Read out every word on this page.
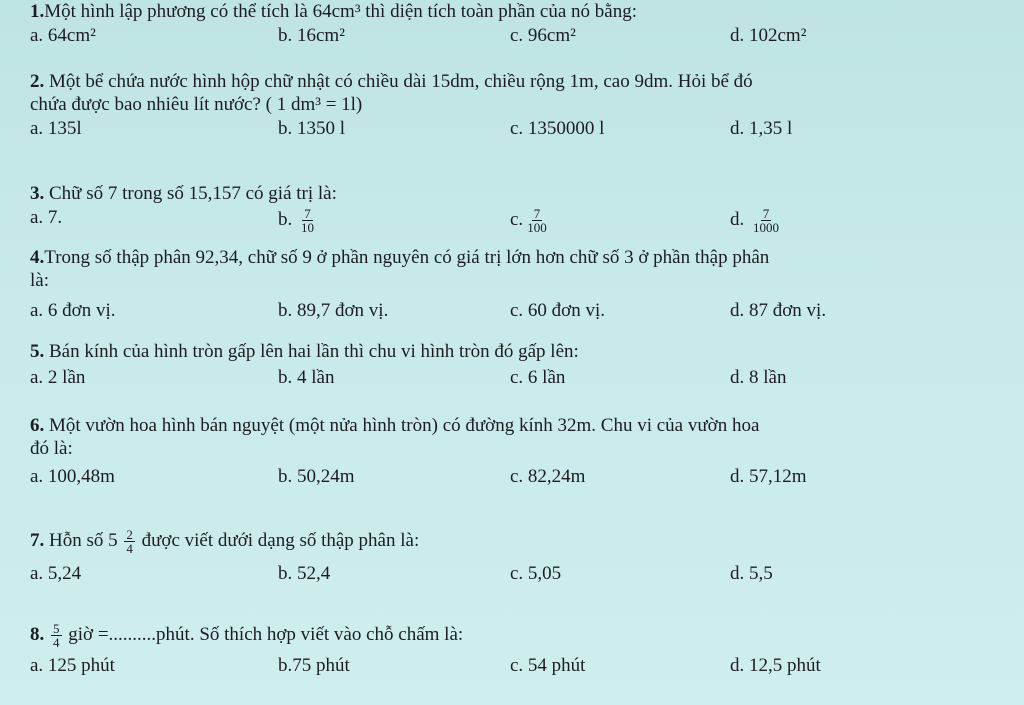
1.Một hình lập phương có thể tích là 64cm³ thì diện tích toàn phần của nó bằng:
a. 64cm²	b. 16cm²	c. 96cm²	d. 102cm²
2. Một bể chứa nước hình hộp chữ nhật có chiều dài 15dm, chiều rộng 1m, cao 9dm. Hỏi bể đó
chứa được bao nhiêu lít nước? ( 1 dm³ = 1l)
a. 135l	b. 1350 l	c. 1350000 l	d. 1,35 l
3. Chữ số 7 trong số 15,157 có giá trị là:
a. 7.	b. $\frac{7}{10}$	c. $\frac{7}{100}$	d. $\frac{7}{1000}$
4.Trong số thập phân 92,34, chữ số 9 ở phần nguyên có giá trị lớn hơn chữ số 3 ở phần thập phân
là:
a. 6 đơn vị.	b. 89,7 đơn vị.	c. 60 đơn vị.	d. 87 đơn vị.
5. Bán kính của hình tròn gấp lên hai lần thì chu vi hình tròn đó gấp lên:
a. 2 lần	b. 4 lần	c. 6 lần	d. 8 lần
6. Một vườn hoa hình bán nguyệt (một nửa hình tròn) có đường kính 32m. Chu vi của vườn hoa
đó là:
a. 100,48m	b. 50,24m	c. 82,24m	d. 57,12m
7. Hỗn số $5 \frac{2}{4}$ được viết dưới dạng số thập phân là:
a. 5,24	b. 52,4	c. 5,05	d. 5,5
8. $\frac{5}{4}$ giờ =..........phút. Số thích hợp viết vào chỗ chấm là:
a. 125 phút	b.75 phút	c. 54 phút	d. 12,5 phút
